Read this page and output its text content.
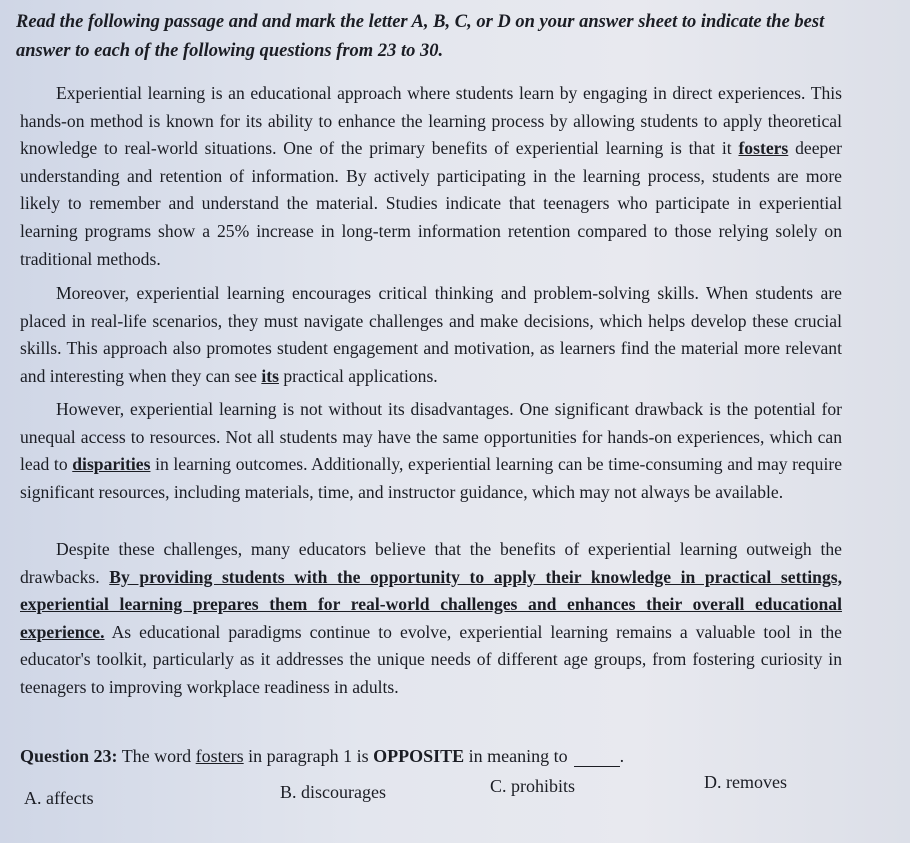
Read the following passage and and mark the letter A, B, C, or D on your answer sheet to indicate the best answer to each of the following questions from 23 to 30.
Experiential learning is an educational approach where students learn by engaging in direct experiences. This hands-on method is known for its ability to enhance the learning process by allowing students to apply theoretical knowledge to real-world situations. One of the primary benefits of experiential learning is that it fosters deeper understanding and retention of information. By actively participating in the learning process, students are more likely to remember and understand the material. Studies indicate that teenagers who participate in experiential learning programs show a 25% increase in long-term information retention compared to those relying solely on traditional methods.
Moreover, experiential learning encourages critical thinking and problem-solving skills. When students are placed in real-life scenarios, they must navigate challenges and make decisions, which helps develop these crucial skills. This approach also promotes student engagement and motivation, as learners find the material more relevant and interesting when they can see its practical applications.
However, experiential learning is not without its disadvantages. One significant drawback is the potential for unequal access to resources. Not all students may have the same opportunities for hands-on experiences, which can lead to disparities in learning outcomes. Additionally, experiential learning can be time-consuming and may require significant resources, including materials, time, and instructor guidance, which may not always be available.
Despite these challenges, many educators believe that the benefits of experiential learning outweigh the drawbacks. By providing students with the opportunity to apply their knowledge in practical settings, experiential learning prepares them for real-world challenges and enhances their overall educational experience. As educational paradigms continue to evolve, experiential learning remains a valuable tool in the educator's toolkit, particularly as it addresses the unique needs of different age groups, from fostering curiosity in teenagers to improving workplace readiness in adults.
Question 23: The word fosters in paragraph 1 is OPPOSITE in meaning to	.
A. affects	B. discourages	C. prohibits	D. removes
